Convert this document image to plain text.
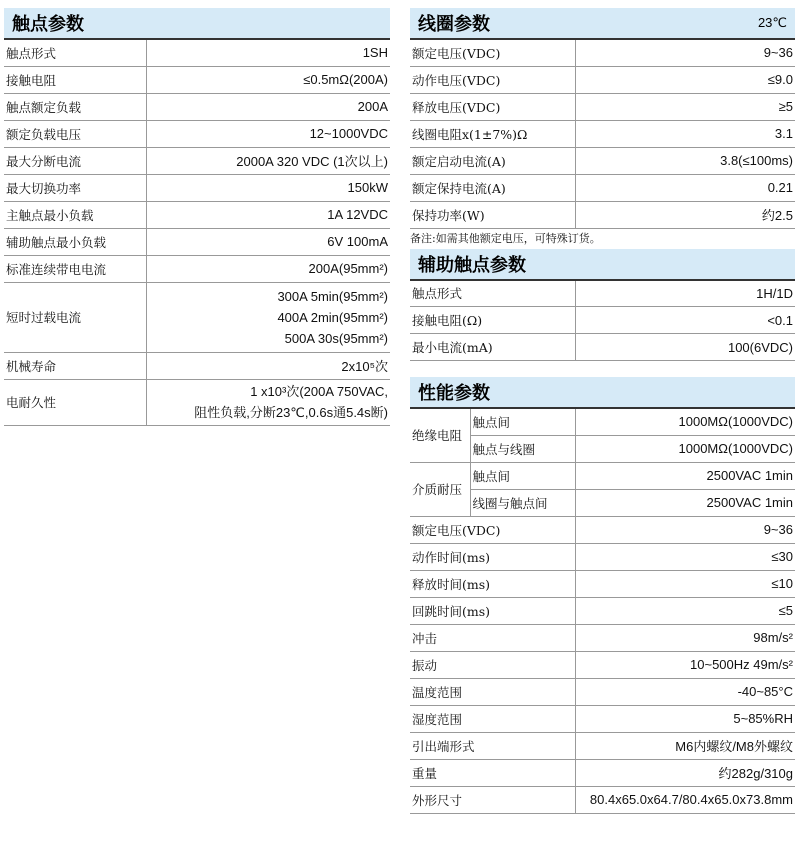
触点参数
触点形式	1SH
接触电阻	≤0.5mΩ(200A)
触点额定负载	200A
额定负载电压	12~1000VDC
最大分断电流	2000A 320 VDC (1次以上)
最大切换功率	150kW
主触点最小负载	1A 12VDC
辅助触点最小负载	6V 100mA
标准连续带电电流	200A(95mm²)
短时过载电流	300A 5min(95mm²)
400A 2min(95mm²)
500A 30s(95mm²)

机械寿命	2x10⁵次
电耐久性	1 x10³次(200A 750VAC,
阻性负载,分断23℃,0.6s通5.4s断)
线圈参数	23℃
额定电压(VDC)	9~36
动作电压(VDC)	≤9.0
释放电压(VDC)	≥5
线圈电阻x(1±7%)Ω	3.1
额定启动电流(A)	3.8(≤100ms)
额定保持电流(A)	0.21
保持功率(W)	约2.5
备注:如需其他额定电压，可特殊订货。
辅助触点参数
触点形式	1H/1D
接触电阻(Ω)	<0.1
最小电流(mA)	100(6VDC)
性能参数
绝缘电阻	触点间	1000MΩ(1000VDC)
	触点与线圈	1000MΩ(1000VDC)
介质耐压	触点间	2500VAC 1min
	线圈与触点间	2500VAC 1min
额定电压(VDC)		9~36
动作时间(ms)		≤30
释放时间(ms)		≤10
回跳时间(ms)		≤5
冲击		98m/s²
振动		10~500Hz 49m/s²
温度范围		-40~85°C
湿度范围		5~85%RH
引出端形式		M6内螺纹/M8外螺纹
重量		约282g/310g
外形尺寸		80.4x65.0x64.7/80.4x65.0x73.8mm
